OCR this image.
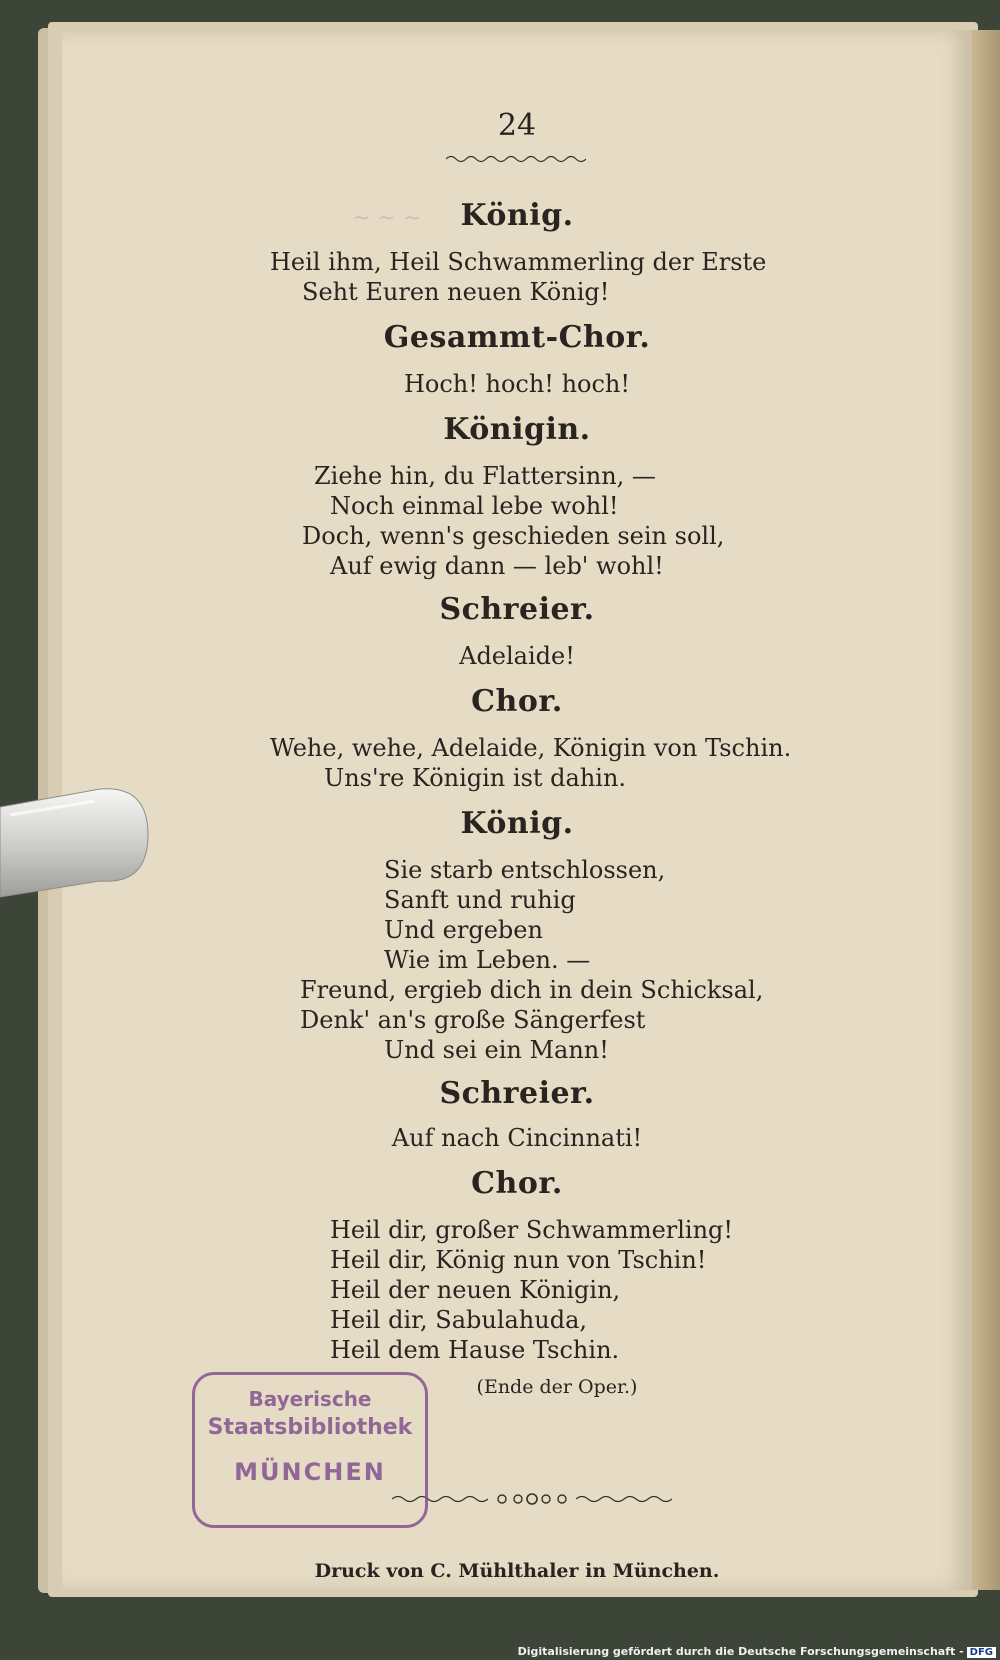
~ ~ ~
24
König.
Heil ihm, Heil Schwammerling der Erste
Seht Euren neuen König!
Gesammt-Chor.
Hoch! hoch! hoch!
Königin.
Ziehe hin, du Flattersinn, —
Noch einmal lebe wohl!
Doch, wenn's geschieden sein soll,
Auf ewig dann — leb' wohl!
Schreier.
Adelaide!
Chor.
Wehe, wehe, Adelaide, Königin von Tschin.
Uns're Königin ist dahin.
König.
Sie starb entschlossen,
Sanft und ruhig
Und ergeben
Wie im Leben. —
Freund, ergieb dich in dein Schicksal,
Denk' an's große Sängerfest
Und sei ein Mann!
Schreier.
Auf nach Cincinnati!
Chor.
Heil dir, großer Schwammerling!
Heil dir, König nun von Tschin!
Heil der neuen Königin,
Heil dir, Sabulahuda,
Heil dem Hause Tschin.
(Ende der Oper.)
Druck von C. Mühlthaler in München.
Bayerische
Staatsbibliothek
MÜNCHEN
Digitalisierung gefördert durch die Deutsche Forschungsgemeinschaft - DFG
